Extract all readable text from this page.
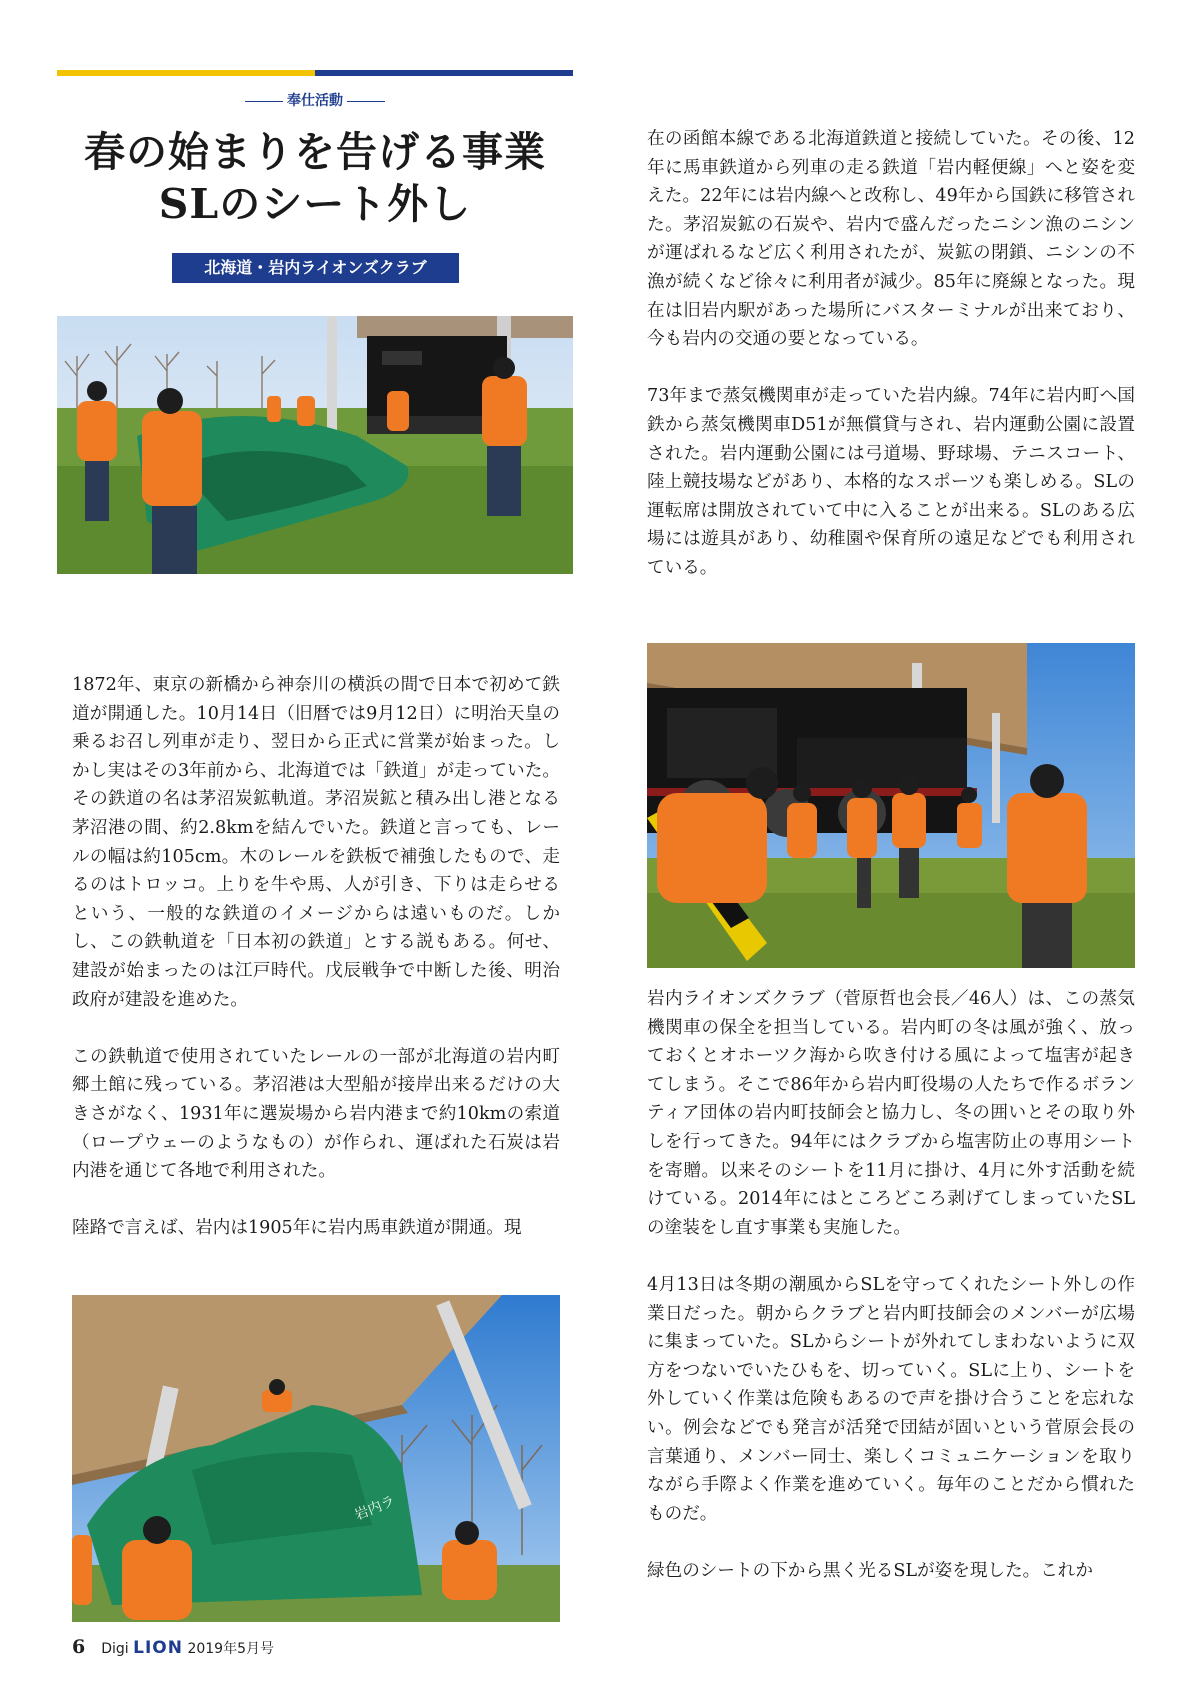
奉仕活動
春の始まりを告げる事業
SLのシート外し
北海道・岩内ライオンズクラブ

1872年、東京の新橋から神奈川の横浜の間で日本で初めて鉄道が開通した。10月14日（旧暦では9月12日）に明治天皇の乗るお召し列車が走り、翌日から正式に営業が始まった。しかし実はその3年前から、北海道では「鉄道」が走っていた。その鉄道の名は茅沼炭鉱軌道。茅沼炭鉱と積み出し港となる茅沼港の間、約2.8kmを結んでいた。鉄道と言っても、レールの幅は約105cm。木のレールを鉄板で補強したもので、走るのはトロッコ。上りを牛や馬、人が引き、下りは走らせるという、一般的な鉄道のイメージからは遠いものだ。しかし、この鉄軌道を「日本初の鉄道」とする説もある。何せ、建設が始まったのは江戸時代。戊辰戦争で中断した後、明治政府が建設を進めた。

この鉄軌道で使用されていたレールの一部が北海道の岩内町郷土館に残っている。茅沼港は大型船が接岸出来るだけの大きさがなく、1931年に選炭場から岩内港まで約10kmの索道（ロープウェーのようなもの）が作られ、運ばれた石炭は岩内港を通じて各地で利用された。

陸路で言えば、岩内は1905年に岩内馬車鉄道が開通。現

在の函館本線である北海道鉄道と接続していた。その後、12年に馬車鉄道から列車の走る鉄道「岩内軽便線」へと姿を変えた。22年には岩内線へと改称し、49年から国鉄に移管された。茅沼炭鉱の石炭や、岩内で盛んだったニシン漁のニシンが運ばれるなど広く利用されたが、炭鉱の閉鎖、ニシンの不漁が続くなど徐々に利用者が減少。85年に廃線となった。現在は旧岩内駅があった場所にバスターミナルが出来ており、今も岩内の交通の要となっている。

73年まで蒸気機関車が走っていた岩内線。74年に岩内町へ国鉄から蒸気機関車D51が無償貸与され、岩内運動公園に設置された。岩内運動公園には弓道場、野球場、テニスコート、陸上競技場などがあり、本格的なスポーツも楽しめる。SLの運転席は開放されていて中に入ることが出来る。SLのある広場には遊具があり、幼稚園や保育所の遠足などでも利用されている。

岩内ライオンズクラブ（菅原哲也会長／46人）は、この蒸気機関車の保全を担当している。岩内町の冬は風が強く、放っておくとオホーツク海から吹き付ける風によって塩害が起きてしまう。そこで86年から岩内町役場の人たちで作るボランティア団体の岩内町技師会と協力し、冬の囲いとその取り外しを行ってきた。94年にはクラブから塩害防止の専用シートを寄贈。以来そのシートを11月に掛け、4月に外す活動を続けている。2014年にはところどころ剥げてしまっていたSLの塗装をし直す事業も実施した。

4月13日は冬期の潮風からSLを守ってくれたシート外しの作業日だった。朝からクラブと岩内町技師会のメンバーが広場に集まっていた。SLからシートが外れてしまわないように双方をつないでいたひもを、切っていく。SLに上り、シートを外していく作業は危険もあるので声を掛け合うことを忘れない。例会などでも発言が活発で団結が固いという菅原会長の言葉通り、メンバー同士、楽しくコミュニケーションを取りながら手際よく作業を進めていく。毎年のことだから慣れたものだ。

緑色のシートの下から黒く光るSLが姿を現した。これか

岩内ラ
6 Digi LION 2019年5月号
